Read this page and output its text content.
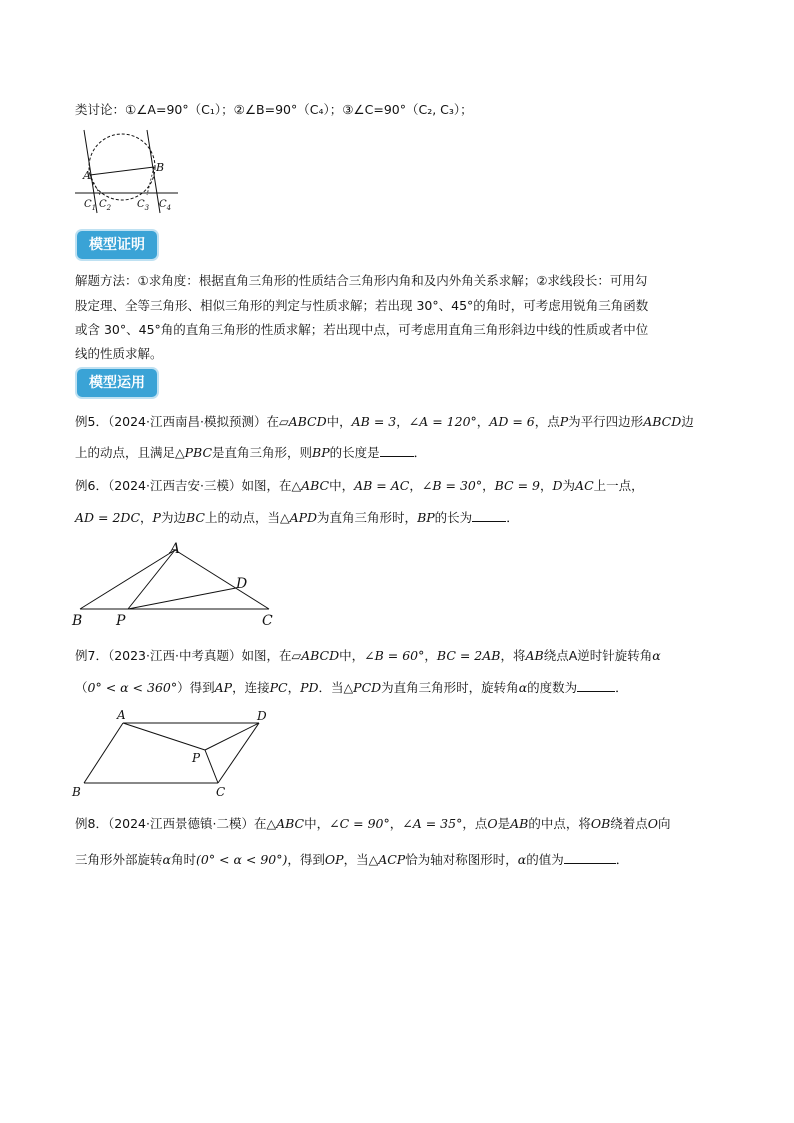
类讨论：①∠A=90°（C₁）；②∠B=90°（C₄）；③∠C=90°（C₂, C₃）；
A
B
$C_1$ $C_2$	$C_3$ $C_4$
模型证明
解题方法：①求角度：根据直角三角形的性质结合三角形内角和及内外角关系求解；②求线段长：可用勾
股定理、全等三角形、相似三角形的判定与性质求解；若出现 30°、45°的角时，可考虑用锐角三角函数
或含 30°、45°角的直角三角形的性质求解；若出现中点，可考虑用直角三角形斜边中线的性质或者中位
线的性质求解。
模型运用
例5．（2024·江西南昌·模拟预测）在▱ABCD中，AB = 3，∠A = 120°，AD = 6，点P为平行四边形ABCD边
上的动点，且满足△PBC是直角三角形，则BP的长度是	．
例6．（2024·江西吉安·三模）如图，在△ABC中，AB = AC，∠B = 30°，BC = 9，D为AC上一点，
AD = 2DC，P为边BC上的动点，当△APD为直角三角形时，BP的长为	．
A
B	C
D
P
例7．（2023·江西·中考真题）如图，在▱ABCD中，∠B = 60°，BC = 2AB，将AB绕点A逆时针旋转角α
（0° < α < 360°）得到AP，连接PC，PD．当△PCD为直角三角形时，旋转角α的度数为	．
A
B	C
D
P
例8．（2024·江西景德镇·二模）在△ABC中，∠C = 90°，∠A = 35°，点O是AB的中点，将OB绕着点O向
三角形外部旋转α角时(0° < α < 90°)，得到OP，当△ACP恰为轴对称图形时，α的值为	．
